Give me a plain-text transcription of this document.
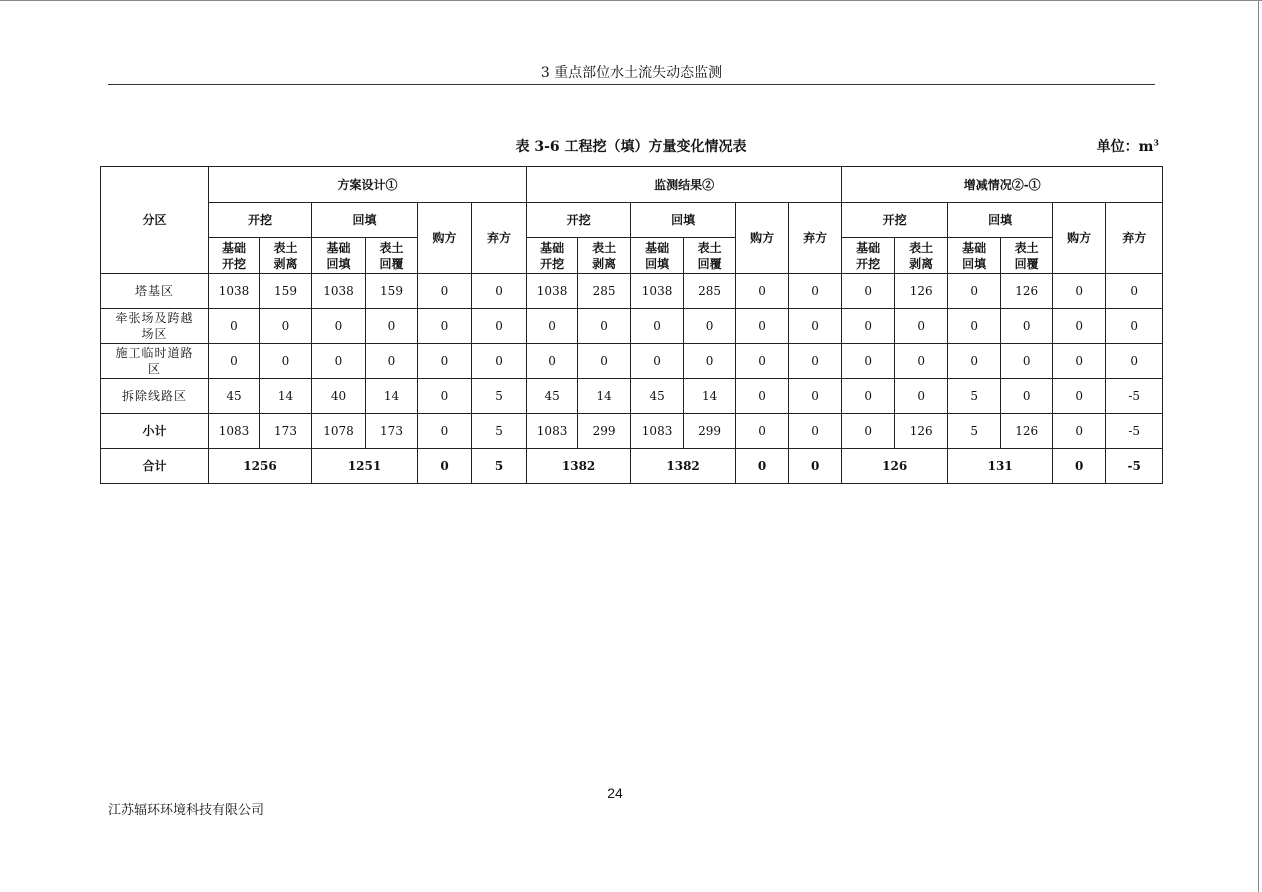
3 重点部位水土流失动态监测
表 3-6 工程挖（填）方量变化情况表	单位：$m^3$
分区	方案设计①						监测结果②						增减情况②-①					
	开挖		回填		购方	弃方	开挖		回填		购方	弃方	开挖		回填		购方	弃方
	基础开挖	表土剥离	基础回填	表土回覆			基础开挖	表土剥离	基础回填	表土回覆			基础开挖	表土剥离	基础回填	表土回覆		
塔基区	1038	159	1038	159	0	0	1038	285	1038	285	0	0	0	126	0	126	0	0
牵张场及跨越场区	0	0	0	0	0	0	0	0	0	0	0	0	0	0	0	0	0	0
施工临时道路区	0	0	0	0	0	0	0	0	0	0	0	0	0	0	0	0	0	0
拆除线路区	45	14	40	14	0	5	45	14	45	14	0	0	0	0	5	0	0	-5
小计	1083	173	1078	173	0	5	1083	299	1083	299	0	0	0	126	5	126	0	-5
合计	1256		1251		0	5	1382		1382		0	0	126		131		0	-5
24
江苏辐环环境科技有限公司
